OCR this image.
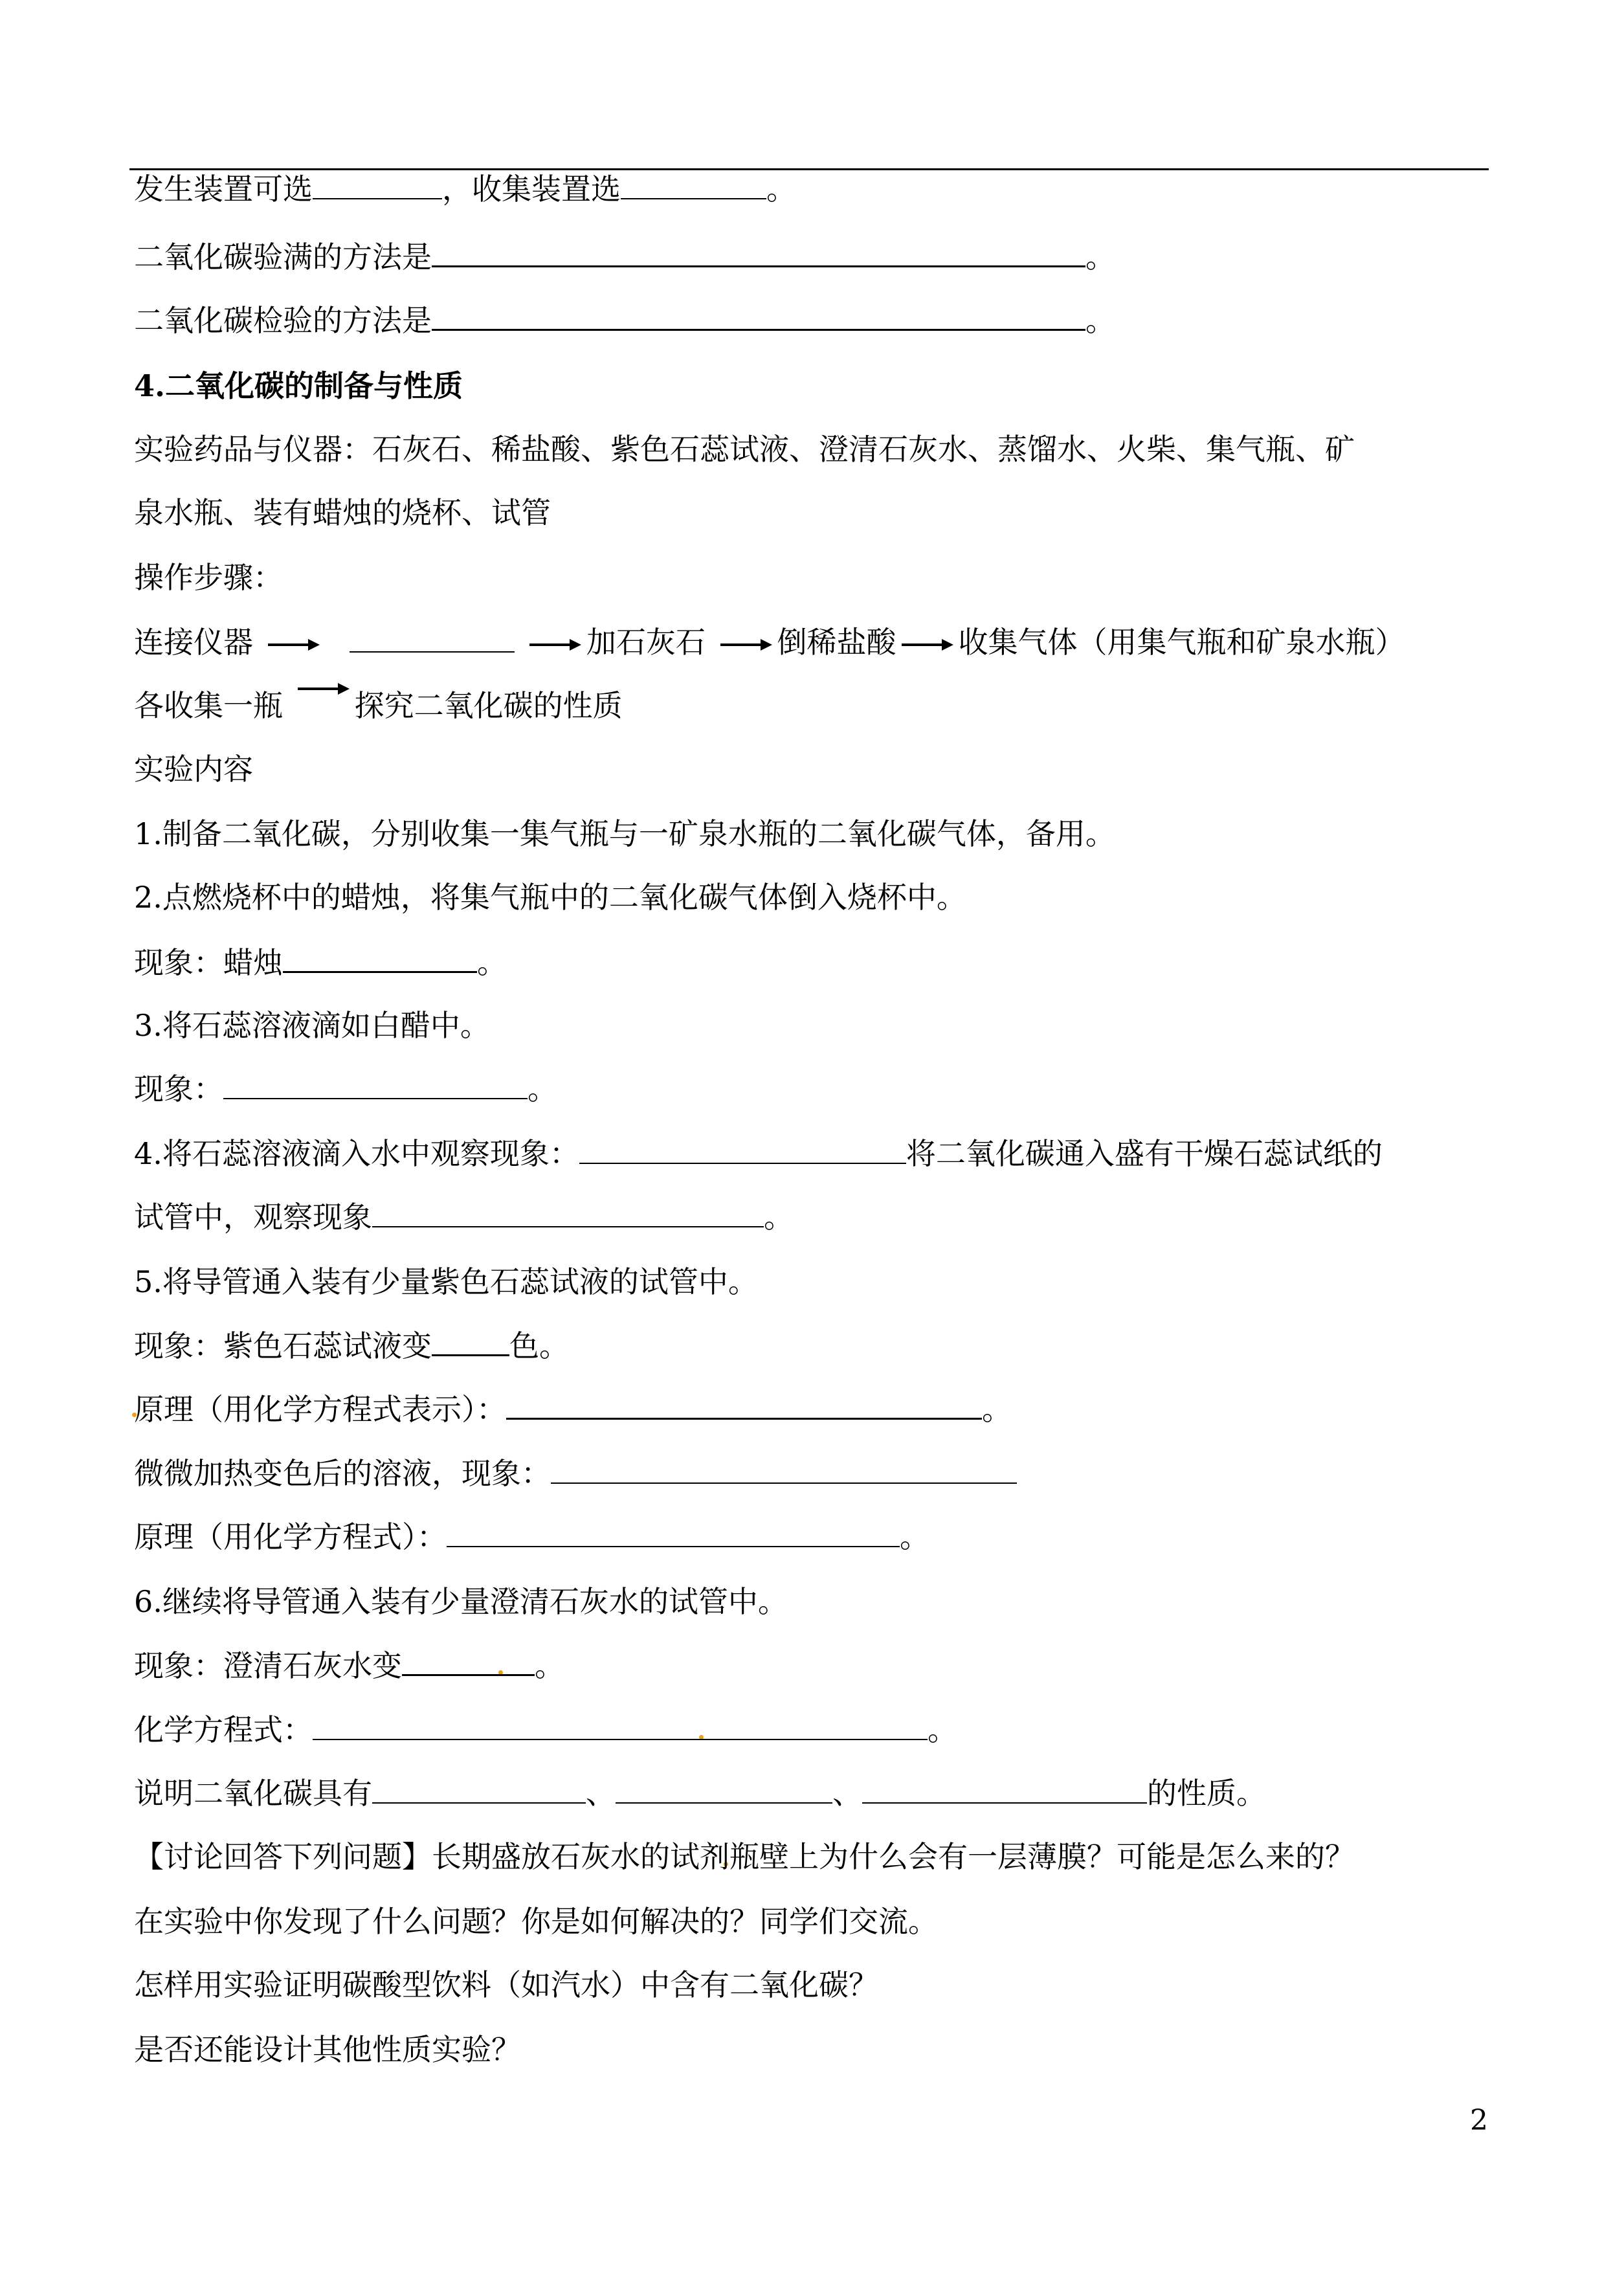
发生装置可选	，收集装置选	。
二氧化碳验满的方法是	。
二氧化碳检验的方法是	。
4.二氧化碳的制备与性质
实验药品与仪器：石灰石、稀盐酸、紫色石蕊试液、澄清石灰水、蒸馏水、火柴、集气瓶、矿
泉水瓶、装有蜡烛的烧杯、试管
操作步骤：
连接仪器	加石灰石 倒稀盐酸 收集气体（用集气瓶和矿泉水瓶）
各收集一瓶 探究二氧化碳的性质
实验内容
1.制备二氧化碳，分别收集一集气瓶与一矿泉水瓶的二氧化碳气体，备用。
2.点燃烧杯中的蜡烛，将集气瓶中的二氧化碳气体倒入烧杯中。
现象：蜡烛	。
3.将石蕊溶液滴如白醋中。
现象：	。
4.将石蕊溶液滴入水中观察现象：	将二氧化碳通入盛有干燥石蕊试纸的
试管中，观察现象	。
5.将导管通入装有少量紫色石蕊试液的试管中。
现象：紫色石蕊试液变	色。
原理（用化学方程式表示）：	。
微微加热变色后的溶液，现象：
原理（用化学方程式）：	。
6.继续将导管通入装有少量澄清石灰水的试管中。
现象：澄清石灰水变	。
化学方程式：	。
说明二氧化碳具有	、	、	的性质。
【讨论回答下列问题】长期盛放石灰水的试剂瓶壁上为什么会有一层薄膜？可能是怎么来的？
在实验中你发现了什么问题？你是如何解决的？同学们交流。
怎样用实验证明碳酸型饮料（如汽水）中含有二氧化碳？
是否还能设计其他性质实验？
2
